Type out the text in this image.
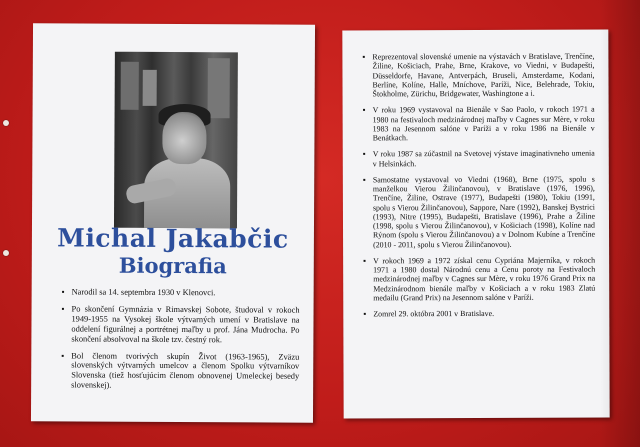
Michal Jakabčic
Biografia
▪ Narodil sa 14. septembra 1930 v Klenovci.
▪ Po skončení Gymnázia v Rimavskej Sobote, študoval v rokoch 1949-1955 na Vysokej škole výtvarných umení v Bratislave na oddelení figurálnej a portrétnej maľby u prof. Jána Mudrocha. Po skončení absolvoval na škole tzv. čestný rok.
▪ Bol členom tvorivých skupín Život (1963-1965), Zväzu slovenských výtvarných umelcov a členom Spolku výtvarníkov Slovenska (tiež hosťujúcim členom obnovenej Umeleckej besedy slovenskej).
▪ Reprezentoval slovenské umenie na výstavách v Bratislave, Trenčíne, Žiline, Košiciach, Prahe, Brne, Krakove, vo Viedni, v Budapešti, Düsseldorfe, Havane, Antverpách, Bruseli, Amsterdame, Kodani, Berlíne, Kolíne, Halle, Mníchove, Paríži, Nice, Belehrade, Tokiu, Štokholme, Zürichu, Bridgewater, Washingtone a i.
▪ V roku 1969 vystavoval na Bienále v Sao Paolo, v rokoch 1971 a 1980 na festivaloch medzinárodnej maľby v Cagnes sur Mère, v roku 1983 na Jesennom salóne v Paríži a v roku 1986 na Bienále v Benátkach.
▪ V roku 1987 sa zúčastnil na Svetovej výstave imaginativneho umenia v Helsinkách.
▪ Samostatne vystavoval vo Viedni (1968), Brne (1975, spolu s manželkou Vierou Žilinčanovou), v Bratislave (1976, 1996), Trenčíne, Žiline, Ostrave (1977), Budapešti (1980), Tokiu (1991, spolu s Vierou Žilinčanovou), Sappore, Nare (1992), Banskej Bystrici (1993), Nitre (1995), Budapešti, Bratislave (1996), Prahe a Žiline (1998, spolu s Vierou Žilinčanovou), v Košiciach (1998), Kolíne nad Rýnom (spolu s Vierou Žilinčanovou) a v Dolnom Kubíne a Trenčíne (2010 - 2011, spolu s Vierou Žilinčanovou).
▪ V rokoch 1969 a 1972 získal cenu Cypriána Majerníka, v rokoch 1971 a 1980 dostal Národnú cenu a Cenu poroty na Festivaloch medzinárodnej maľby v Cagnes sur Mère, v roku 1976 Grand Prix na Medzinárodnom bienále maľby v Košiciach a v roku 1983 Zlatú medailu (Grand Prix) na Jesennom salóne v Paríži.
▪ Zomrel 29. októbra 2001 v Bratislave.
